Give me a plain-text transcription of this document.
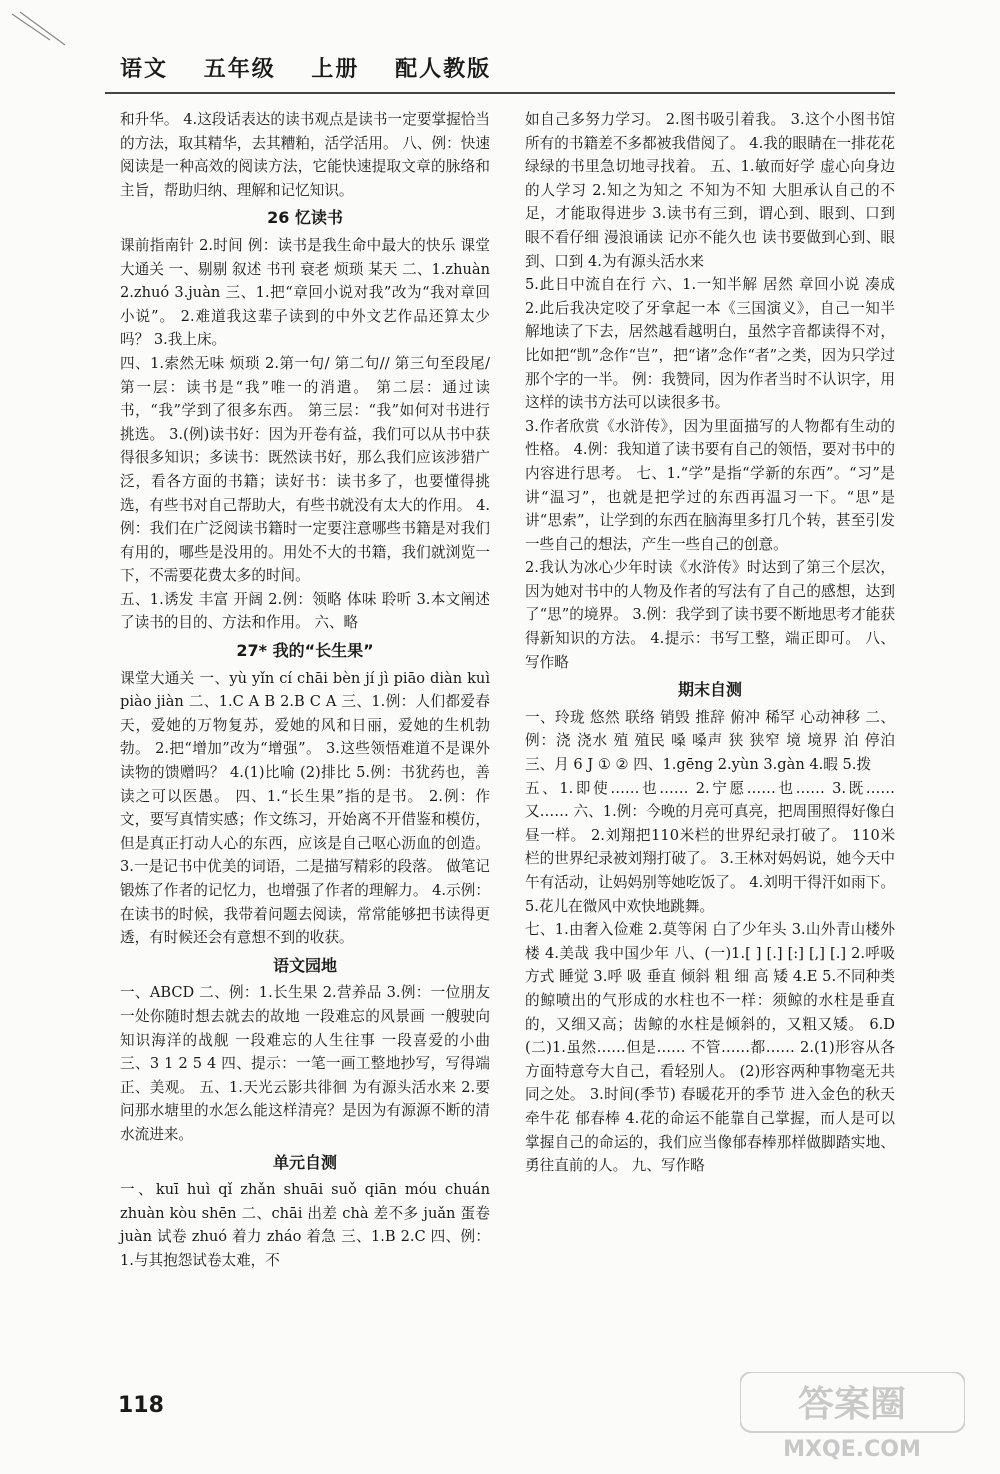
语文 五年级 上册 配人教版

和升华。 4.这段话表达的读书观点是读书一定要掌握恰当的方法，取其精华，去其糟粕，活学活用。 八、例：快速阅读是一种高效的阅读方法，它能快速提取文章的脉络和主旨，帮助归纳、理解和记忆知识。

26 忆读书

课前指南针 2.时间 例：读书是我生命中最大的快乐 课堂大通关 一、剔剔 叙述 书刊 衰老 烦琐 某天 二、1.zhuàn 2.zhuó 3.juàn 三、1.把“章回小说对我”改为“我对章回小说”。 2.难道我这辈子读到的中外文艺作品还算太少吗？ 3.我上床。

四、1.索然无味 烦琐 2.第一句/ 第二句// 第三句至段尾/ 第一层：读书是“我”唯一的消遣。 第二层：通过读书，“我”学到了很多东西。 第三层：“我”如何对书进行挑选。 3.(例)读书好：因为开卷有益，我们可以从书中获得很多知识；多读书：既然读书好，那么我们应该涉猎广泛，看各方面的书籍；读好书：读书多了，也要懂得挑选，有些书对自己帮助大，有些书就没有太大的作用。 4.例：我们在广泛阅读书籍时一定要注意哪些书籍是对我们有用的，哪些是没用的。用处不大的书籍，我们就浏览一下，不需要花费太多的时间。

五、1.诱发 丰富 开阔 2.例：领略 体味 聆听 3.本文阐述了读书的目的、方法和作用。 六、略

27* 我的“长生果”

课堂大通关 一、yù yǐn cí chāi bèn jí jì piāo diàn kuì piào jiàn 二、1.C A B 2.B C A 三、1.例：人们都爱春天，爱她的万物复苏，爱她的风和日丽，爱她的生机勃勃。 2.把“增加”改为“增强”。 3.这些领悟难道不是课外读物的馈赠吗？ 4.(1)比喻 (2)排比 5.例：书犹药也，善读之可以医愚。 四、1.“长生果”指的是书。 2.例：作文，要写真情实感；作文练习，开始离不开借鉴和模仿，但是真正打动人心的东西，应该是自己呕心沥血的创造。 3.一是记书中优美的词语，二是描写精彩的段落。 做笔记锻炼了作者的记忆力，也增强了作者的理解力。 4.示例：在读书的时候，我带着问题去阅读，常常能够把书读得更透，有时候还会有意想不到的收获。

语文园地

一、ABCD 二、例：1.长生果 2.营养品 3.例：一位朋友 一处你随时想去就去的故地 一段难忘的风景画 一艘驶向知识海洋的战舰 一段难忘的人生往事 一段喜爱的小曲 三、3 1 2 5 4 四、提示：一笔一画工整地抄写，写得端正、美观。 五、1.天光云影共徘徊 为有源头活水来 2.要问那水塘里的水怎么能这样清亮？是因为有源源不断的清水流进来。

单元自测

一、kuī huì qǐ zhǎn shuāi suǒ qiān móu chuán zhuàn kòu shēn 二、chāi 出差 chà 差不多 juǎn 蛋卷 juàn 试卷 zhuó 着力 zháo 着急 三、1.B 2.C 四、例：1.与其抱怨试卷太难，不

如自己多努力学习。 2.图书吸引着我。 3.这个小图书馆所有的书籍差不多都被我借阅了。 4.我的眼睛在一排花花绿绿的书里急切地寻找着。 五、1.敏而好学 虚心向身边的人学习 2.知之为知之 不知为不知 大胆承认自己的不足，才能取得进步 3.读书有三到，谓心到、眼到、口到 眼不看仔细 漫浪诵读 记亦不能久也 读书要做到心到、眼到、口到 4.为有源头活水来

5.此日中流自在行 六、1.一知半解 居然 章回小说 凑成 2.此后我决定咬了牙拿起一本《三国演义》，自己一知半解地读了下去，居然越看越明白，虽然字音都读得不对，比如把“凯”念作“岂”，把“诸”念作“者”之类，因为只学过那个字的一半。 例：我赞同，因为作者当时不认识字，用这样的读书方法可以读很多书。

3.作者欣赏《水浒传》，因为里面描写的人物都有生动的性格。 4.例：我知道了读书要有自己的领悟，要对书中的内容进行思考。 七、1.“学”是指“学新的东西”。“习”是讲“温习”，也就是把学过的东西再温习一下。“思”是讲“思索”，让学到的东西在脑海里多打几个转，甚至引发一些自己的想法，产生一些自己的创意。

2.我认为冰心少年时读《水浒传》时达到了第三个层次，因为她对书中的人物及作者的写法有了自己的感想，达到了“思”的境界。 3.例：我学到了读书要不断地思考才能获得新知识的方法。 4.提示：书写工整，端正即可。 八、写作略

期末自测

一、玲珑 悠然 联络 销毁 推辞 俯冲 稀罕 心动神移 二、例：浇 浇水 殖 殖民 嗓 嗓声 狭 狭窄 境 境界 泊 停泊 三、月 6 J ① ② 四、1.gēng 2.yùn 3.gàn 4.暇 5.拨

五、1.即使……也…… 2.宁愿……也…… 3.既……又…… 六、1.例：今晚的月亮可真亮，把周围照得好像白昼一样。 2.刘翔把110米栏的世界纪录打破了。 110米栏的世界纪录被刘翔打破了。 3.王林对妈妈说，她今天中午有活动，让妈妈别等她吃饭了。 4.刘明干得汗如雨下。 5.花儿在微风中欢快地跳舞。

七、1.由奢入俭难 2.莫等闲 白了少年头 3.山外青山楼外楼 4.美哉 我中国少年 八、(一)1.[ ] [.] [:] [,] [.] 2.呼吸方式 睡觉 3.呼 吸 垂直 倾斜 粗 细 高 矮 4.E 5.不同种类的鲸喷出的气形成的水柱也不一样：须鲸的水柱是垂直的，又细又高；齿鲸的水柱是倾斜的，又粗又矮。 6.D (二)1.虽然……但是…… 不管……都…… 2.(1)形容从各方面特意夸大自己，看轻别人。 (2)形容两种事物毫无共同之处。 3.时间(季节) 春暖花开的季节 进入金色的秋天 牵牛花 郁春棒 4.花的命运不能靠自己掌握，而人是可以掌握自己的命运的，我们应当像郁春棒那样做脚踏实地、勇往直前的人。 九、写作略

118	答案圈
MXQE.COM
